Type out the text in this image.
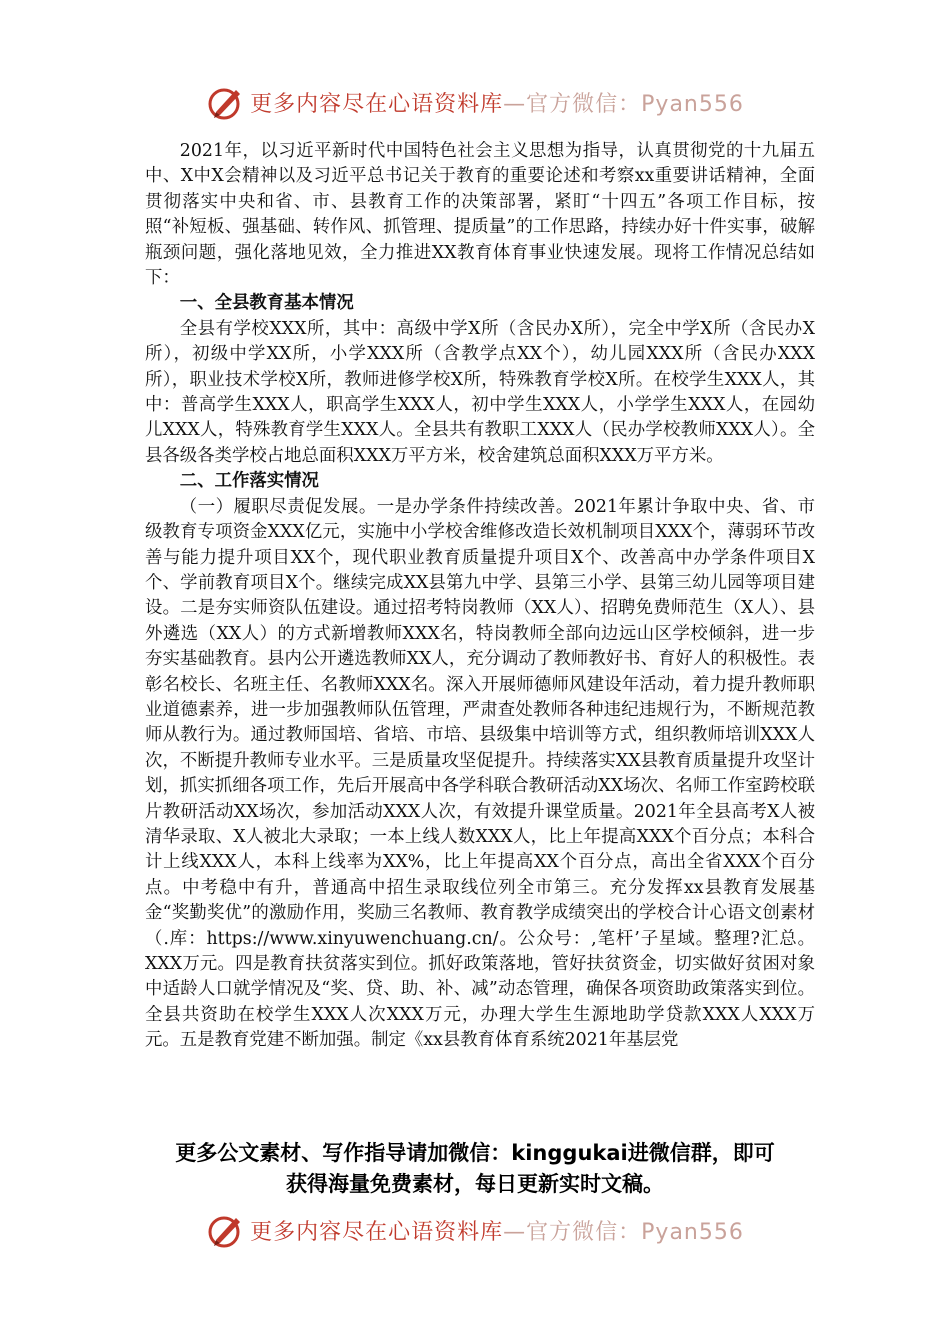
更多内容尽在心语资料库—官方微信：Pyan556

2021年，以习近平新时代中国特色社会主义思想为指导，认真贯彻党的十九届五中、X中X会精神以及习近平总书记关于教育的重要论述和考察xx重要讲话精神，全面贯彻落实中央和省、市、县教育工作的决策部署，紧盯“十四五”各项工作目标，按照“补短板、强基础、转作风、抓管理、提质量”的工作思路，持续办好十件实事，破解瓶颈问题，强化落地见效，全力推进XX教育体育事业快速发展。现将工作情况总结如下：

一、全县教育基本情况

全县有学校XXX所，其中：高级中学X所（含民办X所），完全中学X所（含民办X所），初级中学XX所，小学XXX所（含教学点XX个），幼儿园XXX所（含民办XXX所），职业技术学校X所，教师进修学校X所，特殊教育学校X所。在校学生XXX人，其中：普高学生XXX人，职高学生XXX人，初中学生XXX人，小学学生XXX人，在园幼儿XXX人，特殊教育学生XXX人。全县共有教职工XXX人（民办学校教师XXX人）。全县各级各类学校占地总面积XXX万平方米，校舍建筑总面积XXX万平方米。

二、工作落实情况

（一）履职尽责促发展。一是办学条件持续改善。2021年累计争取中央、省、市级教育专项资金XXX亿元，实施中小学校舍维修改造长效机制项目XXX个，薄弱环节改善与能力提升项目XX个，现代职业教育质量提升项目X个、改善高中办学条件项目X个、学前教育项目X个。继续完成XX县第九中学、县第三小学、县第三幼儿园等项目建设。二是夯实师资队伍建设。通过招考特岗教师（XX人）、招聘免费师范生（X人）、县外遴选（XX人）的方式新增教师XXX名，特岗教师全部向边远山区学校倾斜，进一步夯实基础教育。县内公开遴选教师XX人，充分调动了教师教好书、育好人的积极性。表彰名校长、名班主任、名教师XXX名。深入开展师德师风建设年活动，着力提升教师职业道德素养，进一步加强教师队伍管理，严肃查处教师各种违纪违规行为，不断规范教师从教行为。通过教师国培、省培、市培、县级集中培训等方式，组织教师培训XXX人次，不断提升教师专业水平。三是质量攻坚促提升。持续落实XX县教育质量提升攻坚计划，抓实抓细各项工作，先后开展高中各学科联合教研活动XX场次、名师工作室跨校联片教研活动XX场次，参加活动XXX人次，有效提升课堂质量。2021年全县高考X人被清华录取、X人被北大录取；一本上线人数XXX人，比上年提高XXX个百分点；本科合计上线XXX人，本科上线率为XX%，比上年提高XX个百分点，高出全省XXX个百分点。中考稳中有升，普通高中招生录取线位列全市第三。充分发挥xx县教育发展基金“奖勤奖优”的激励作用，奖励三名教师、教育教学成绩突出的学校合计心语文创素材（.库：https://www.xinyuwenchuang.cn/。公众号：,笔杆’子星域。整理?汇总。XXX万元。四是教育扶贫落实到位。抓好政策落地，管好扶贫资金，切实做好贫困对象中适龄人口就学情况及“奖、贷、助、补、减”动态管理，确保各项资助政策落实到位。全县共资助在校学生XXX人次XXX万元，办理大学生生源地助学贷款XXX人XXX万元。五是教育党建不断加强。制定《xx县教育体育系统2021年基层党

更多公文素材、写作指导请加微信：kinggukai进微信群，即可
获得海量免费素材，每日更新实时文稿。
更多内容尽在心语资料库—官方微信：Pyan556
